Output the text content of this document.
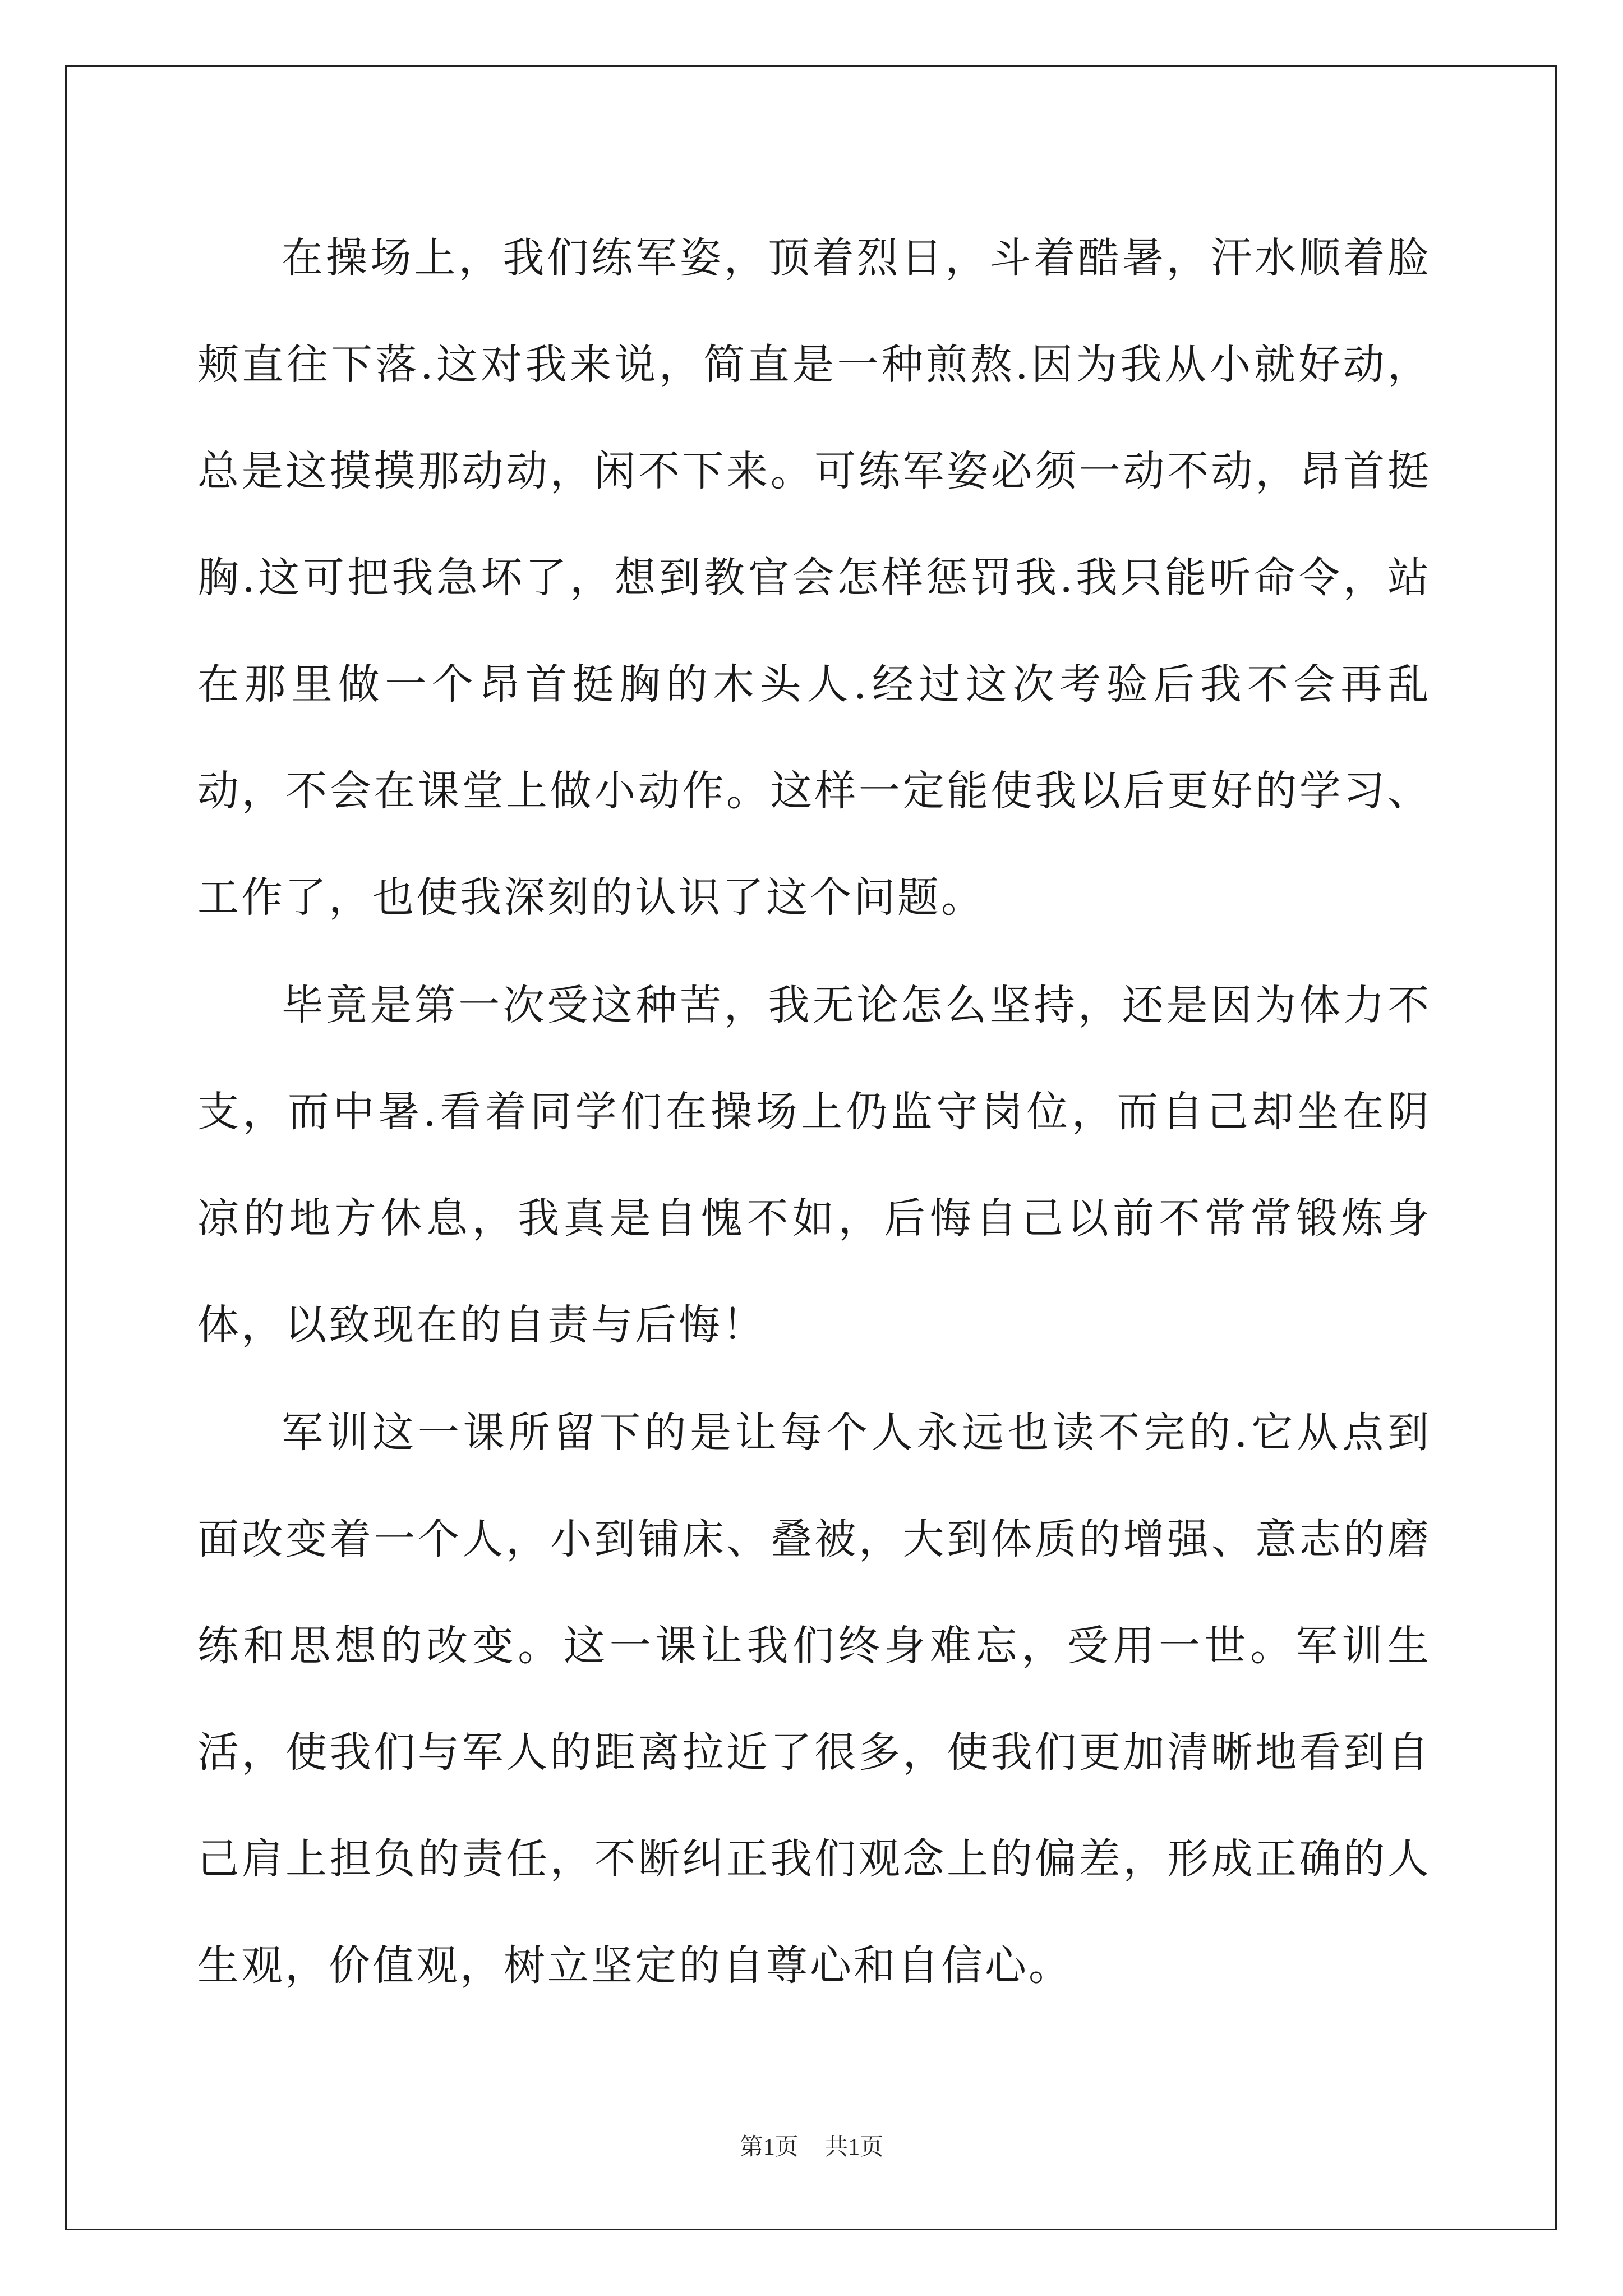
在操场上，我们练军姿，顶着烈日，斗着酷暑，汗水顺着脸颊直往下落.这对我来说，简直是一种煎熬.因为我从小就好动，总是这摸摸那动动，闲不下来。可练军姿必须一动不动，昂首挺胸.这可把我急坏了，想到教官会怎样惩罚我.我只能听命令，站在那里做一个昂首挺胸的木头人.经过这次考验后我不会再乱动，不会在课堂上做小动作。这样一定能使我以后更好的学习、工作了，也使我深刻的认识了这个问题。

毕竟是第一次受这种苦，我无论怎么坚持，还是因为体力不支，而中暑.看着同学们在操场上仍监守岗位，而自己却坐在阴凉的地方休息，我真是自愧不如，后悔自己以前不常常锻炼身体，以致现在的自责与后悔！

军训这一课所留下的是让每个人永远也读不完的.它从点到面改变着一个人，小到铺床、叠被，大到体质的增强、意志的磨练和思想的改变。这一课让我们终身难忘，受用一世。军训生活，使我们与军人的距离拉近了很多，使我们更加清晰地看到自己肩上担负的责任，不断纠正我们观念上的偏差，形成正确的人生观，价值观，树立坚定的自尊心和自信心。

第1页 共1页
